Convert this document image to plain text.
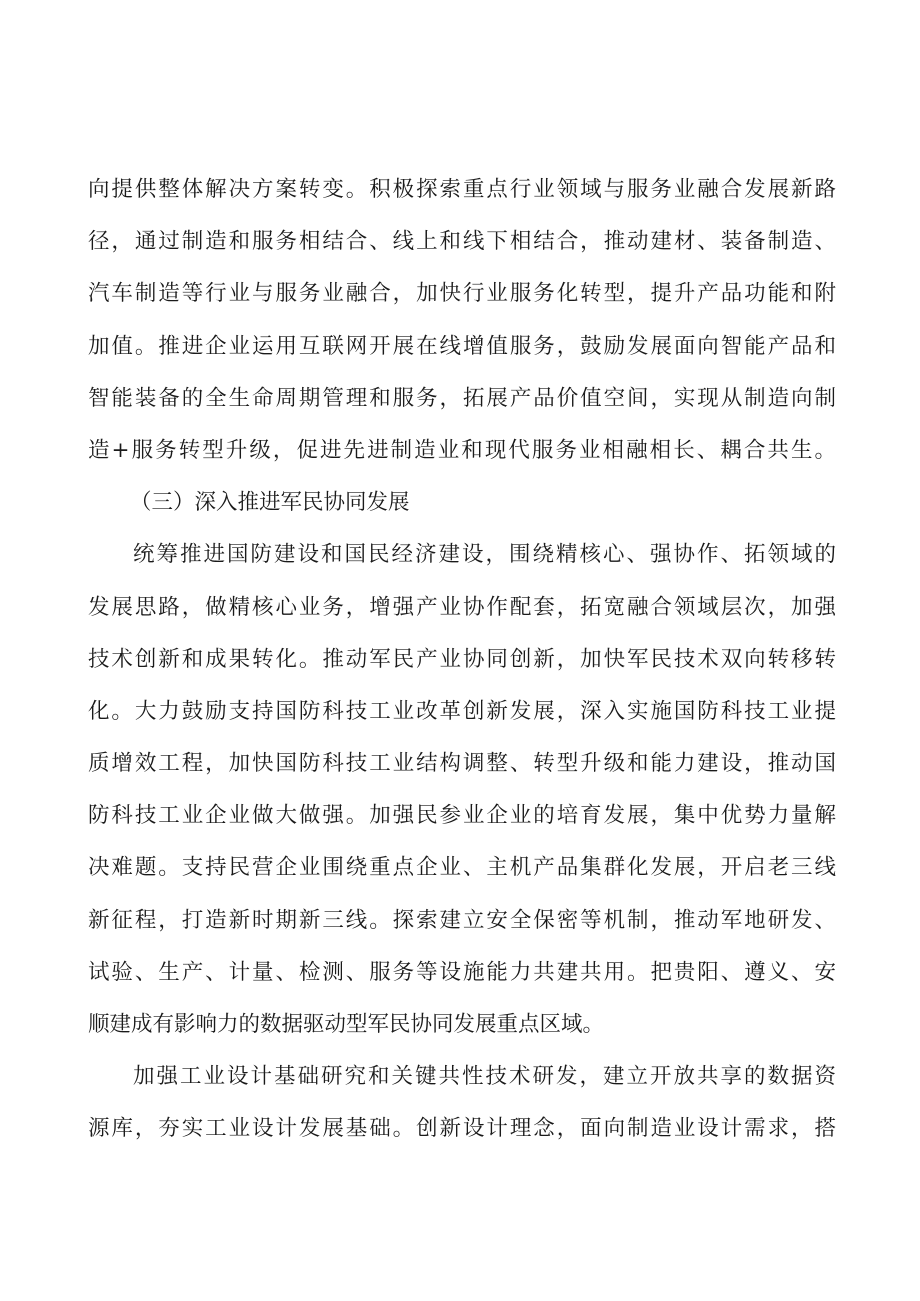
向提供整体解决方案转变。积极探索重点行业领域与服务业融合发展新路
径，通过制造和服务相结合、线上和线下相结合，推动建材、装备制造、
汽车制造等行业与服务业融合，加快行业服务化转型，提升产品功能和附
加值。推进企业运用互联网开展在线增值服务，鼓励发展面向智能产品和
智能装备的全生命周期管理和服务，拓展产品价值空间，实现从制造向制
造+服务转型升级，促进先进制造业和现代服务业相融相长、耦合共生。
（三）深入推进军民协同发展
统筹推进国防建设和国民经济建设，围绕精核心、强协作、拓领域的
发展思路，做精核心业务，增强产业协作配套，拓宽融合领域层次，加强
技术创新和成果转化。推动军民产业协同创新，加快军民技术双向转移转
化。大力鼓励支持国防科技工业改革创新发展，深入实施国防科技工业提
质增效工程，加快国防科技工业结构调整、转型升级和能力建设，推动国
防科技工业企业做大做强。加强民参业企业的培育发展，集中优势力量解
决难题。支持民营企业围绕重点企业、主机产品集群化发展，开启老三线
新征程，打造新时期新三线。探索建立安全保密等机制，推动军地研发、
试验、生产、计量、检测、服务等设施能力共建共用。把贵阳、遵义、安
顺建成有影响力的数据驱动型军民协同发展重点区域。
加强工业设计基础研究和关键共性技术研发，建立开放共享的数据资
源库，夯实工业设计发展基础。创新设计理念，面向制造业设计需求，搭
